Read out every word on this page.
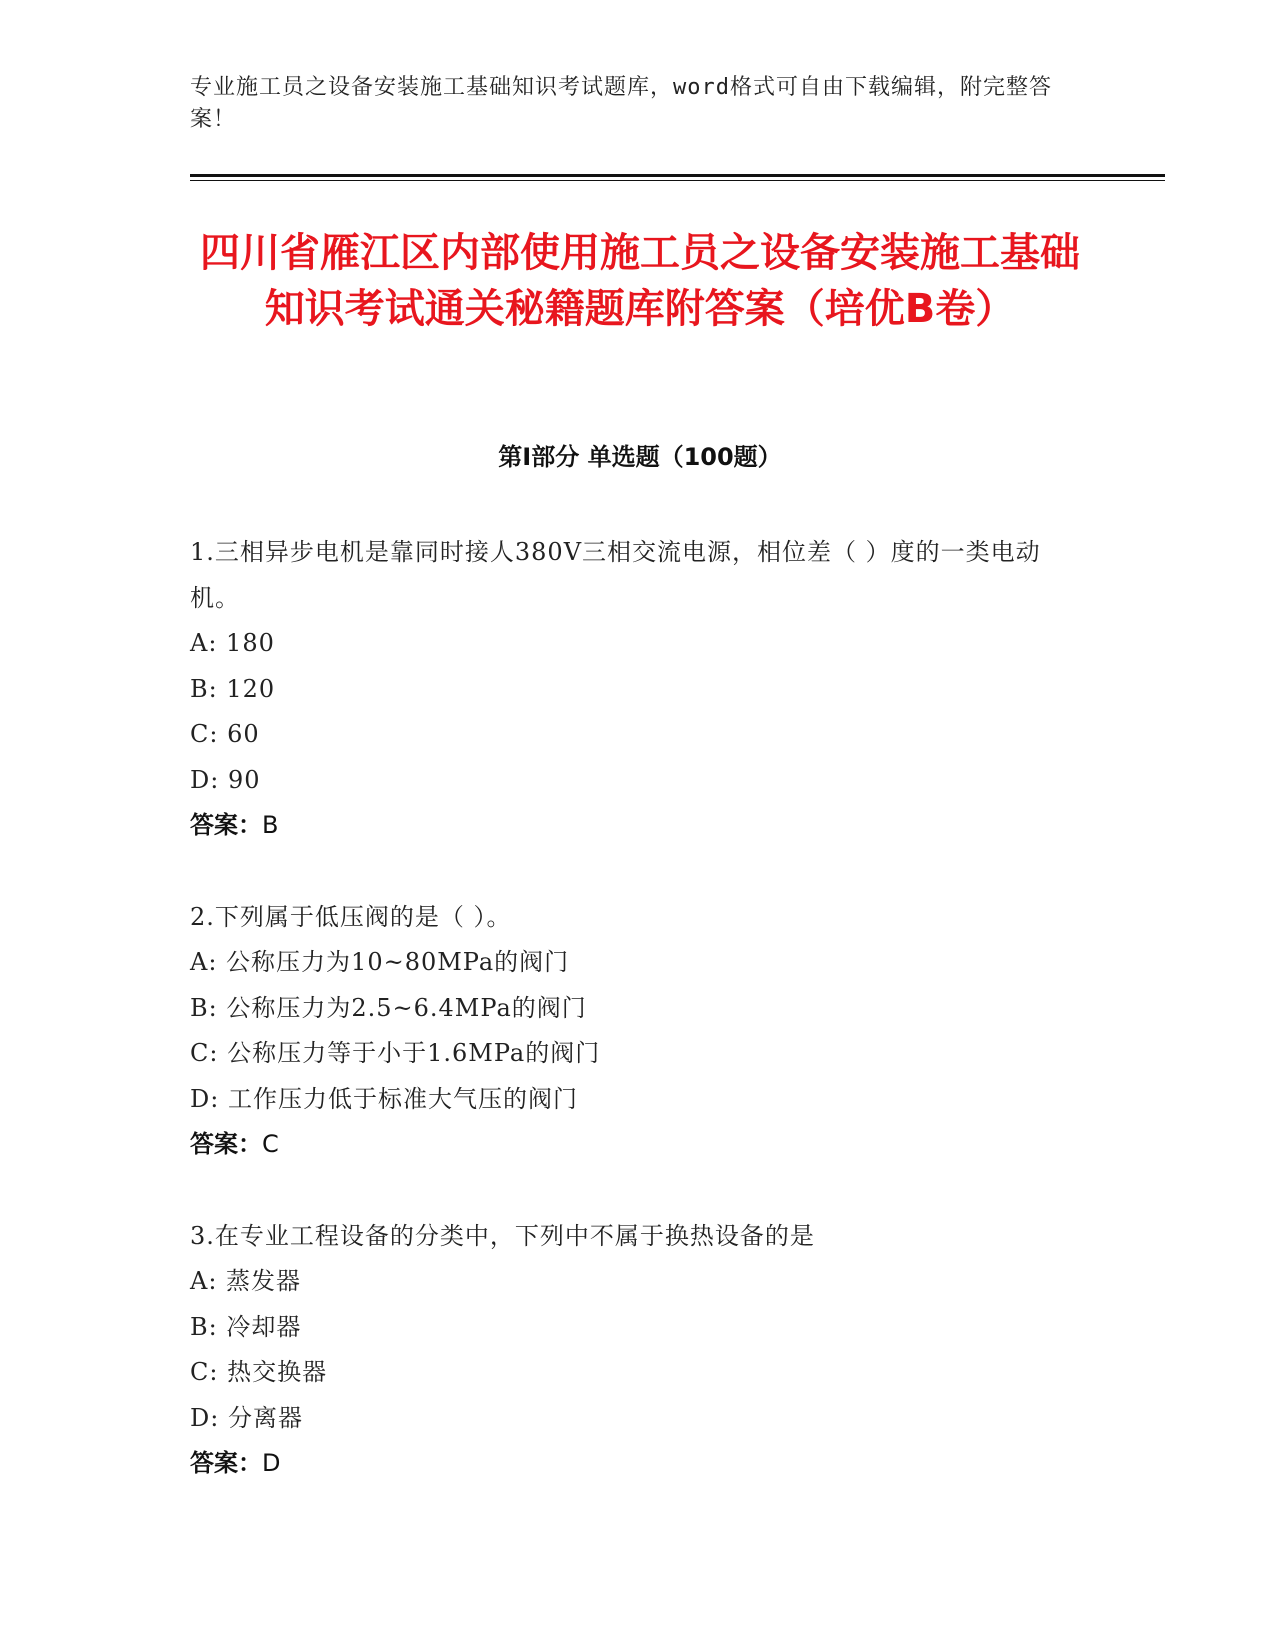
专业施工员之设备安装施工基础知识考试题库，word格式可自由下载编辑，附完整答案！
四川省雁江区内部使用施工员之设备安装施工基础知识考试通关秘籍题库附答案（培优B卷）
第Ⅰ部分 单选题（100题）
1.三相异步电机是靠同时接人380V三相交流电源，相位差（ ）度的一类电动机。
A: 180
B: 120
C: 60
D: 90
答案：B
2.下列属于低压阀的是（ ）。
A: 公称压力为10~80MPa的阀门
B: 公称压力为2.5~6.4MPa的阀门
C: 公称压力等于小于1.6MPa的阀门
D: 工作压力低于标准大气压的阀门
答案：C
3.在专业工程设备的分类中，下列中不属于换热设备的是
A: 蒸发器
B: 冷却器
C: 热交换器
D: 分离器
答案：D
